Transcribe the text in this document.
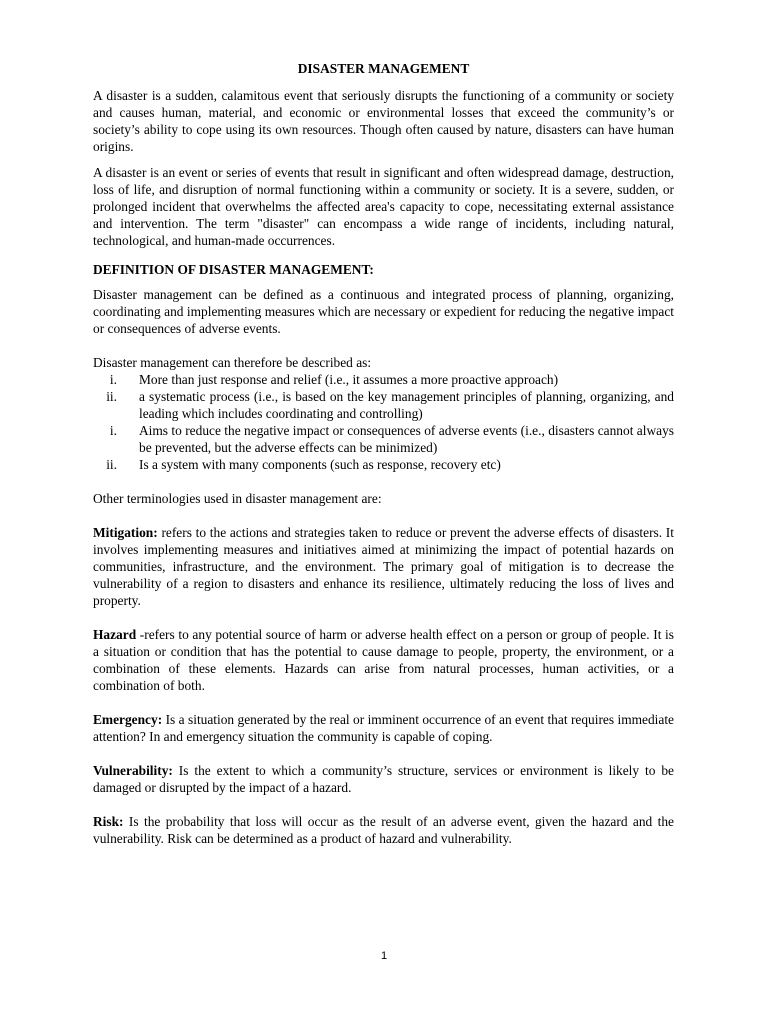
DISASTER MANAGEMENT

A disaster is a sudden, calamitous event that seriously disrupts the functioning of a community or society and causes human, material, and economic or environmental losses that exceed the community’s or society’s ability to cope using its own resources. Though often caused by nature, disasters can have human origins.

A disaster is an event or series of events that result in significant and often widespread damage, destruction, loss of life, and disruption of normal functioning within a community or society. It is a severe, sudden, or prolonged incident that overwhelms the affected area's capacity to cope, necessitating external assistance and intervention. The term "disaster" can encompass a wide range of incidents, including natural, technological, and human-made occurrences.

DEFINITION OF DISASTER MANAGEMENT:

Disaster management can be defined as a continuous and integrated process of planning, organizing, coordinating and implementing measures which are necessary or expedient for reducing the negative impact or consequences of adverse events.

Disaster management can therefore be described as:

i. More than just response and relief (i.e., it assumes a more proactive approach)
ii. a systematic process (i.e., is based on the key management principles of planning, organizing, and leading which includes coordinating and controlling)
i. Aims to reduce the negative impact or consequences of adverse events (i.e., disasters cannot always be prevented, but the adverse effects can be minimized)
ii. Is a system with many components (such as response, recovery etc)

Other terminologies used in disaster management are:

Mitigation: refers to the actions and strategies taken to reduce or prevent the adverse effects of disasters. It involves implementing measures and initiatives aimed at minimizing the impact of potential hazards on communities, infrastructure, and the environment. The primary goal of mitigation is to decrease the vulnerability of a region to disasters and enhance its resilience, ultimately reducing the loss of lives and property.

Hazard -refers to any potential source of harm or adverse health effect on a person or group of people. It is a situation or condition that has the potential to cause damage to people, property, the environment, or a combination of these elements. Hazards can arise from natural processes, human activities, or a combination of both.

Emergency: Is a situation generated by the real or imminent occurrence of an event that requires immediate attention? In and emergency situation the community is capable of coping.

Vulnerability: Is the extent to which a community’s structure, services or environment is likely to be damaged or disrupted by the impact of a hazard.

Risk: Is the probability that loss will occur as the result of an adverse event, given the hazard and the vulnerability. Risk can be determined as a product of hazard and vulnerability.

1
